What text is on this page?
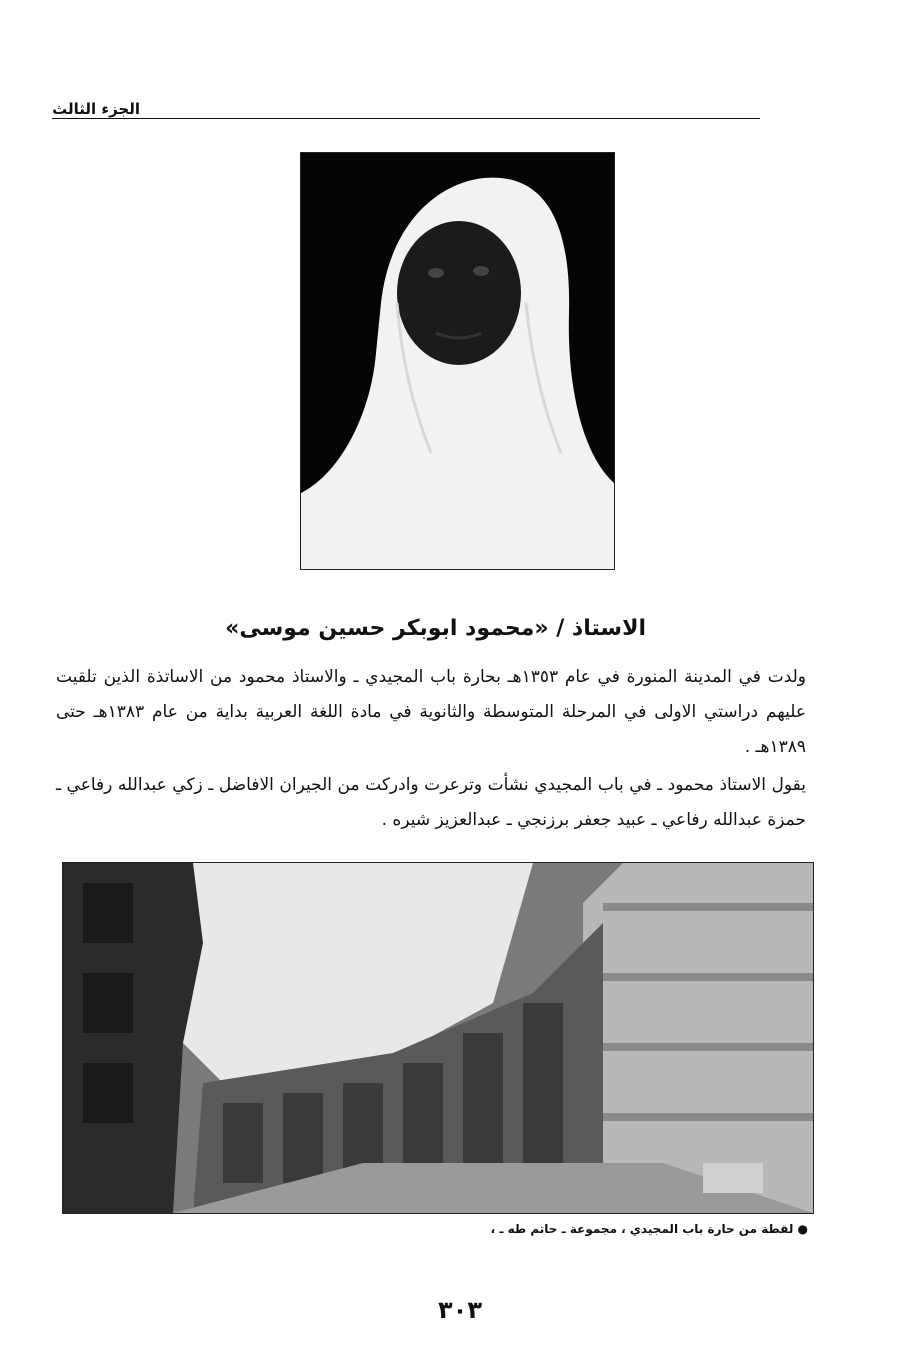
الجزء الثالث
الاستاذ / «محمود ابوبكر حسين موسى»
ولدت في المدينة المنورة في عام ١٣٥٣هـ بحارة باب المجيدي ـ والاستاذ محمود من الاساتذة الذين تلقيت عليهم دراستي الاولى في المرحلة المتوسطة والثانوية في مادة اللغة العربية بداية من عام ١٣٨٣هـ حتى ١٣٨٩هـ .
يقول الاستاذ محمود ـ في باب المجيدي نشأت وترعرت وادركت من الجيران الافاضل ـ زكي عبدالله رفاعي ـ حمزة عبدالله رفاعي ـ عبيد جعفر برزنجي ـ عبدالعزيز شيره .
● لقطة من حارة باب المجيدي ، مجموعة ـ حاتم طه ـ ،
٣٠٣
